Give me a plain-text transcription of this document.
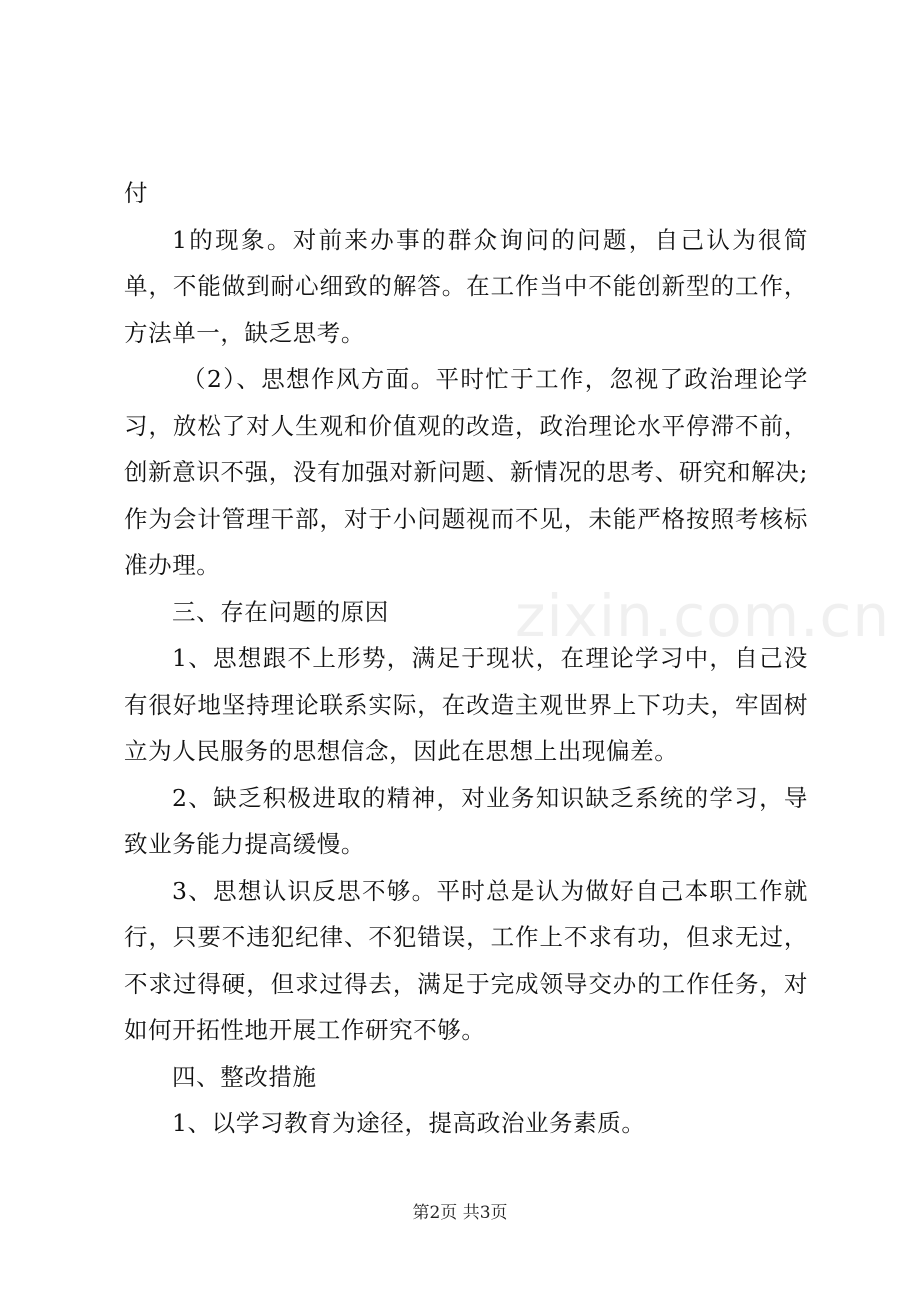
zixin.com.cn

付

1的现象。对前来办事的群众询问的问题，自己认为很简单，不能做到耐心细致的解答。在工作当中不能创新型的工作，方法单一，缺乏思考。

（2）、思想作风方面。平时忙于工作，忽视了政治理论学习，放松了对人生观和价值观的改造，政治理论水平停滞不前，创新意识不强，没有加强对新问题、新情况的思考、研究和解决;作为会计管理干部，对于小问题视而不见，未能严格按照考核标准办理。

三、存在问题的原因

1、思想跟不上形势，满足于现状，在理论学习中，自己没有很好地坚持理论联系实际，在改造主观世界上下功夫，牢固树立为人民服务的思想信念，因此在思想上出现偏差。

2、缺乏积极进取的精神，对业务知识缺乏系统的学习，导致业务能力提高缓慢。

3、思想认识反思不够。平时总是认为做好自己本职工作就行，只要不违犯纪律、不犯错误，工作上不求有功，但求无过，不求过得硬，但求过得去，满足于完成领导交办的工作任务，对如何开拓性地开展工作研究不够。

四、整改措施

1、以学习教育为途径，提高政治业务素质。

第2页 共3页
